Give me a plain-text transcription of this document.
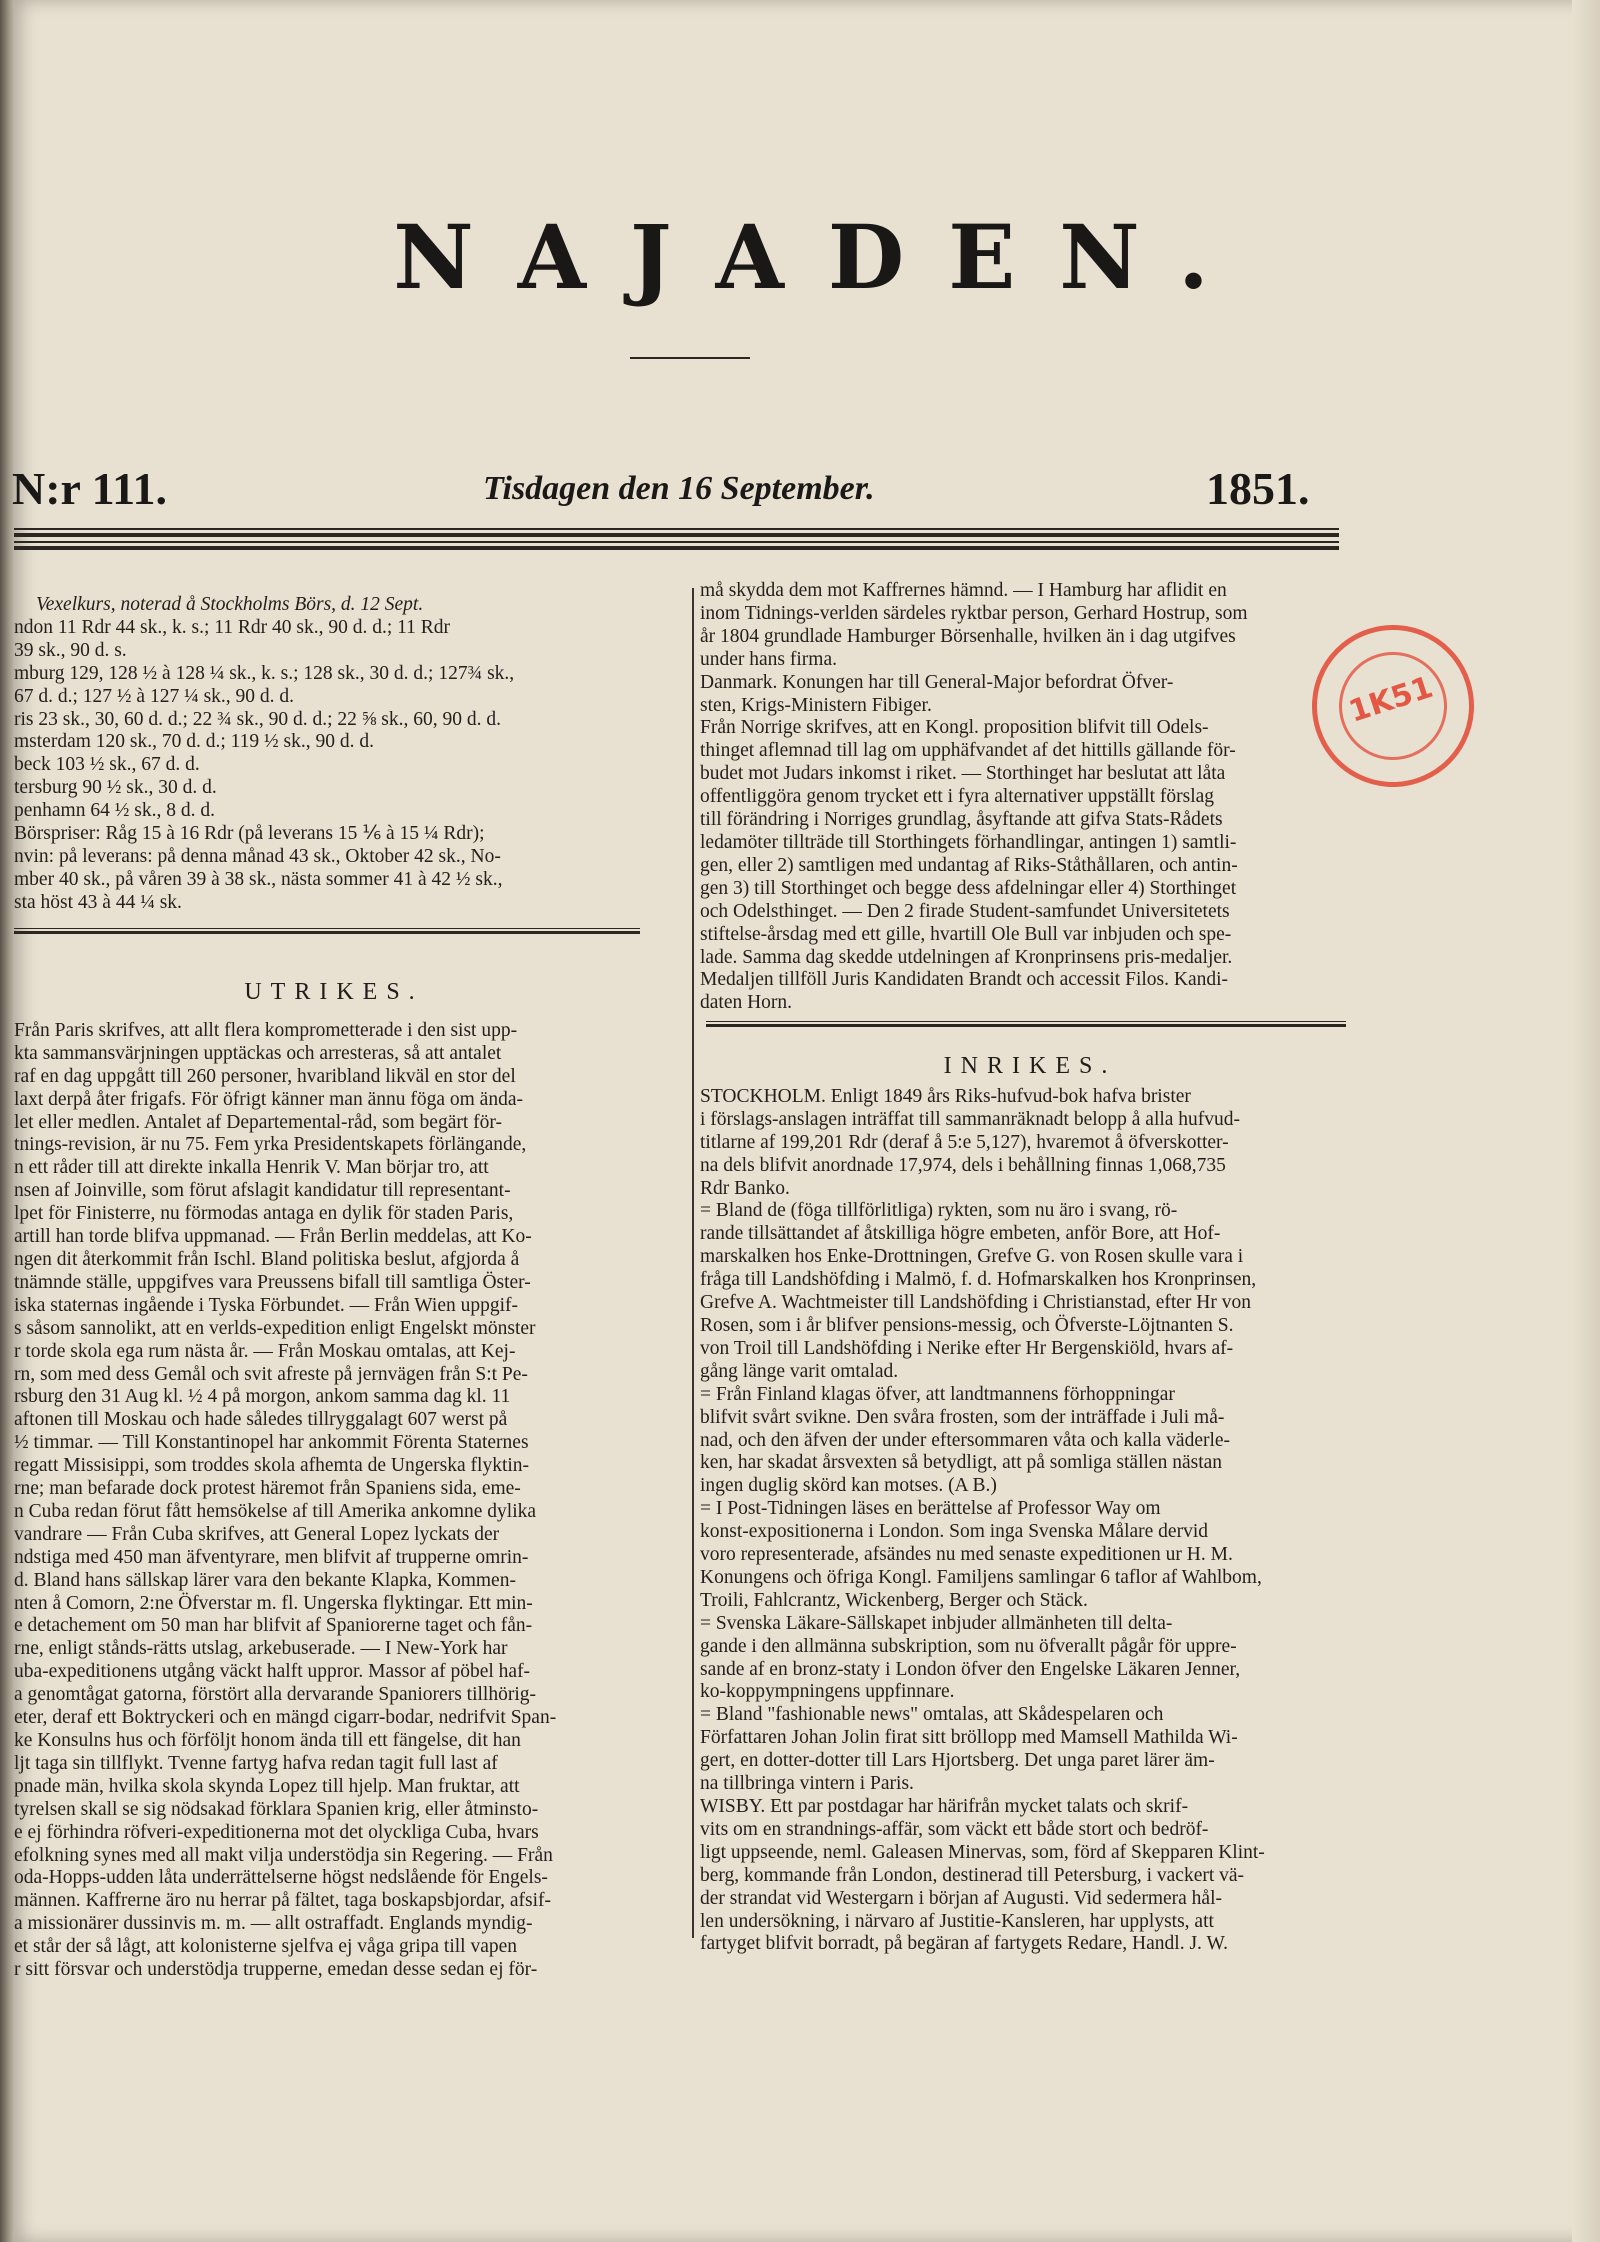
NAJADEN.
N:r 111.	Tisdagen den 16 September.	1851.

Vexelkurs, noterad å Stockholms Börs, d. 12 Sept.

ndon 11 Rdr 44 sk., k. s.; 11 Rdr 40 sk., 90 d. d.; 11 Rdr

39 sk., 90 d. s.

mburg 129, 128 ½ à 128 ¼ sk., k. s.; 128 sk., 30 d. d.; 127¾ sk.,

67 d. d.; 127 ½ à 127 ¼ sk., 90 d. d.

ris 23 sk., 30, 60 d. d.; 22 ¾ sk., 90 d. d.; 22 ⅝ sk., 60, 90 d. d.

msterdam 120 sk., 70 d. d.; 119 ½ sk., 90 d. d.

beck 103 ½ sk., 67 d. d.

tersburg 90 ½ sk., 30 d. d.

penhamn 64 ½ sk., 8 d. d.

Börspriser: Råg 15 à 16 Rdr (på leverans 15 ⅙ à 15 ¼ Rdr);

nvin: på leverans: på denna månad 43 sk., Oktober 42 sk., No-

mber 40 sk., på våren 39 à 38 sk., nästa sommer 41 à 42 ½ sk.,

sta höst 43 à 44 ¼ sk.

UTRIKES.

Från Paris skrifves, att allt flera komprometterade i den sist upp-

kta sammansvärjningen upptäckas och arresteras, så att antalet

raf en dag uppgått till 260 personer, hvaribland likväl en stor del

laxt derpå åter frigafs. För öfrigt känner man ännu föga om ända-

let eller medlen. Antalet af Departemental-råd, som begärt för-

tnings-revision, är nu 75. Fem yrka Presidentskapets förlängande,

n ett råder till att direkte inkalla Henrik V. Man börjar tro, att

nsen af Joinville, som förut afslagit kandidatur till representant-

lpet för Finisterre, nu förmodas antaga en dylik för staden Paris,

artill han torde blifva uppmanad. — Från Berlin meddelas, att Ko-

ngen dit återkommit från Ischl. Bland politiska beslut, afgjorda å

tnämnde ställe, uppgifves vara Preussens bifall till samtliga Öster-

iska staternas ingående i Tyska Förbundet. — Från Wien uppgif-

s såsom sannolikt, att en verlds-expedition enligt Engelskt mönster

r torde skola ega rum nästa år. — Från Moskau omtalas, att Kej-

rn, som med dess Gemål och svit afreste på jernvägen från S:t Pe-

rsburg den 31 Aug kl. ½ 4 på morgon, ankom samma dag kl. 11

aftonen till Moskau och hade således tillryggalagt 607 werst på

½ timmar. — Till Konstantinopel har ankommit Förenta Staternes

regatt Missisippi, som troddes skola afhemta de Ungerska flyktin-

rne; man befarade dock protest häremot från Spaniens sida, eme-

n Cuba redan förut fått hemsökelse af till Amerika ankomne dylika

vandrare — Från Cuba skrifves, att General Lopez lyckats der

ndstiga med 450 man äfventyrare, men blifvit af trupperne omrin-

d. Bland hans sällskap lärer vara den bekante Klapka, Kommen-

nten å Comorn, 2:ne Öfverstar m. fl. Ungerska flyktingar. Ett min-

e detachement om 50 man har blifvit af Spaniorerne taget och fån-

rne, enligt stånds-rätts utslag, arkebuserade. — I New-York har

uba-expeditionens utgång väckt halft uppror. Massor af pöbel haf-

a genomtågat gatorna, förstört alla dervarande Spaniorers tillhörig-

eter, deraf ett Boktryckeri och en mängd cigarr-bodar, nedrifvit Span-

ke Konsulns hus och förföljt honom ända till ett fängelse, dit han

ljt taga sin tillflykt. Tvenne fartyg hafva redan tagit full last af

pnade män, hvilka skola skynda Lopez till hjelp. Man fruktar, att

tyrelsen skall se sig nödsakad förklara Spanien krig, eller åtminsto-

e ej förhindra röfveri-expeditionerna mot det olyckliga Cuba, hvars

efolkning synes med all makt vilja understödja sin Regering. — Från

oda-Hopps-udden låta underrättelserne högst nedslående för Engels-

männen. Kaffrerne äro nu herrar på fältet, taga boskapsbjordar, afsif-

a missionärer dussinvis m. m. — allt ostraffadt. Englands myndig-

et står der så lågt, att kolonisterne sjelfva ej våga gripa till vapen

r sitt försvar och understödja trupperne, emedan desse sedan ej för-

må skydda dem mot Kaffrernes hämnd. — I Hamburg har aflidit en

inom Tidnings-verlden särdeles ryktbar person, Gerhard Hostrup, som

år 1804 grundlade Hamburger Börsenhalle, hvilken än i dag utgifves

under hans firma.

Danmark. Konungen har till General-Major befordrat Öfver-

sten, Krigs-Ministern Fibiger.

Från Norrige skrifves, att en Kongl. proposition blifvit till Odels-

thinget aflemnad till lag om upphäfvandet af det hittills gällande för-

budet mot Judars inkomst i riket. — Storthinget har beslutat att låta

offentliggöra genom trycket ett i fyra alternativer uppställt förslag

till förändring i Norriges grundlag, åsyftande att gifva Stats-Rådets

ledamöter tillträde till Storthingets förhandlingar, antingen 1) samtli-

gen, eller 2) samtligen med undantag af Riks-Ståthållaren, och antin-

gen 3) till Storthinget och begge dess afdelningar eller 4) Storthinget

och Odelsthinget. — Den 2 firade Student-samfundet Universitetets

stiftelse-årsdag med ett gille, hvartill Ole Bull var inbjuden och spe-

lade. Samma dag skedde utdelningen af Kronprinsens pris-medaljer.

Medaljen tillföll Juris Kandidaten Brandt och accessit Filos. Kandi-

daten Horn.

INRIKES.

STOCKHOLM. Enligt 1849 års Riks-hufvud-bok hafva brister

i förslags-anslagen inträffat till sammanräknadt belopp å alla hufvud-

titlarne af 199,201 Rdr (deraf å 5:e 5,127), hvaremot å öfverskotter-

na dels blifvit anordnade 17,974, dels i behållning finnas 1,068,735

Rdr Banko.

= Bland de (föga tillförlitliga) rykten, som nu äro i svang, rö-

rande tillsättandet af åtskilliga högre embeten, anför Bore, att Hof-

marskalken hos Enke-Drottningen, Grefve G. von Rosen skulle vara i

fråga till Landshöfding i Malmö, f. d. Hofmarskalken hos Kronprinsen,

Grefve A. Wachtmeister till Landshöfding i Christianstad, efter Hr von

Rosen, som i år blifver pensions-messig, och Öfverste-Löjtnanten S.

von Troil till Landshöfding i Nerike efter Hr Bergenskiöld, hvars af-

gång länge varit omtalad.

= Från Finland klagas öfver, att landtmannens förhoppningar

blifvit svårt svikne. Den svåra frosten, som der inträffade i Juli må-

nad, och den äfven der under eftersommaren våta och kalla väderle-

ken, har skadat årsvexten så betydligt, att på somliga ställen nästan

ingen duglig skörd kan motses. (A B.)

= I Post-Tidningen läses en berättelse af Professor Way om

konst-expositionerna i London. Som inga Svenska Målare dervid

voro representerade, afsändes nu med senaste expeditionen ur H. M.

Konungens och öfriga Kongl. Familjens samlingar 6 taflor af Wahlbom,

Troili, Fahlcrantz, Wickenberg, Berger och Stäck.

= Svenska Läkare-Sällskapet inbjuder allmänheten till delta-

gande i den allmänna subskription, som nu öfverallt pågår för uppre-

sande af en bronz-staty i London öfver den Engelske Läkaren Jenner,

ko-koppympningens uppfinnare.

= Bland "fashionable news" omtalas, att Skådespelaren och

Författaren Johan Jolin firat sitt bröllopp med Mamsell Mathilda Wi-

gert, en dotter-dotter till Lars Hjortsberg. Det unga paret lärer äm-

na tillbringa vintern i Paris.

WISBY. Ett par postdagar har härifrån mycket talats och skrif-

vits om en strandnings-affär, som väckt ett både stort och bedröf-

ligt uppseende, neml. Galeasen Minervas, som, förd af Skepparen Klint-

berg, kommande från London, destinerad till Petersburg, i vackert vä-

der strandat vid Westergarn i början af Augusti. Vid sedermera hål-

len undersökning, i närvaro af Justitie-Kansleren, har upplysts, att

fartyget blifvit borradt, på begäran af fartygets Redare, Handl. J. W.

1K51
